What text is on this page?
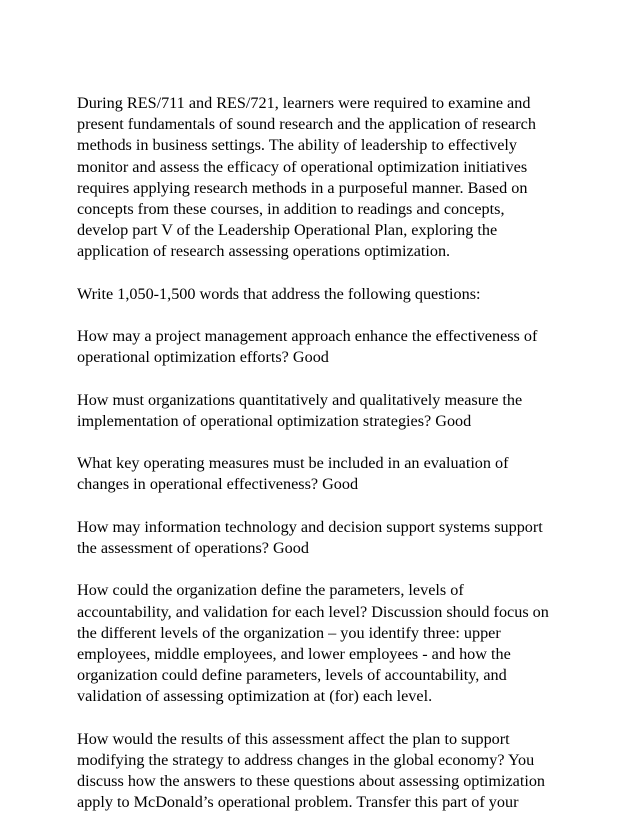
During RES/711 and RES/721, learners were required to examine and
present fundamentals of sound research and the application of research
methods in business settings. The ability of leadership to effectively
monitor and assess the efficacy of operational optimization initiatives
requires applying research methods in a purposeful manner. Based on
concepts from these courses, in addition to readings and concepts,
develop part V of the Leadership Operational Plan, exploring the
application of research assessing operations optimization.

Write 1,050-1,500 words that address the following questions:

How may a project management approach enhance the effectiveness of
operational optimization efforts? Good

How must organizations quantitatively and qualitatively measure the
implementation of operational optimization strategies? Good

What key operating measures must be included in an evaluation of
changes in operational effectiveness? Good

How may information technology and decision support systems support
the assessment of operations? Good

How could the organization define the parameters, levels of
accountability, and validation for each level? Discussion should focus on
the different levels of the organization – you identify three: upper
employees, middle employees, and lower employees - and how the
organization could define parameters, levels of accountability, and
validation of assessing optimization at (for) each level.

How would the results of this assessment affect the plan to support
modifying the strategy to address changes in the global economy? You
discuss how the answers to these questions about assessing optimization
apply to McDonald’s operational problem. Transfer this part of your
